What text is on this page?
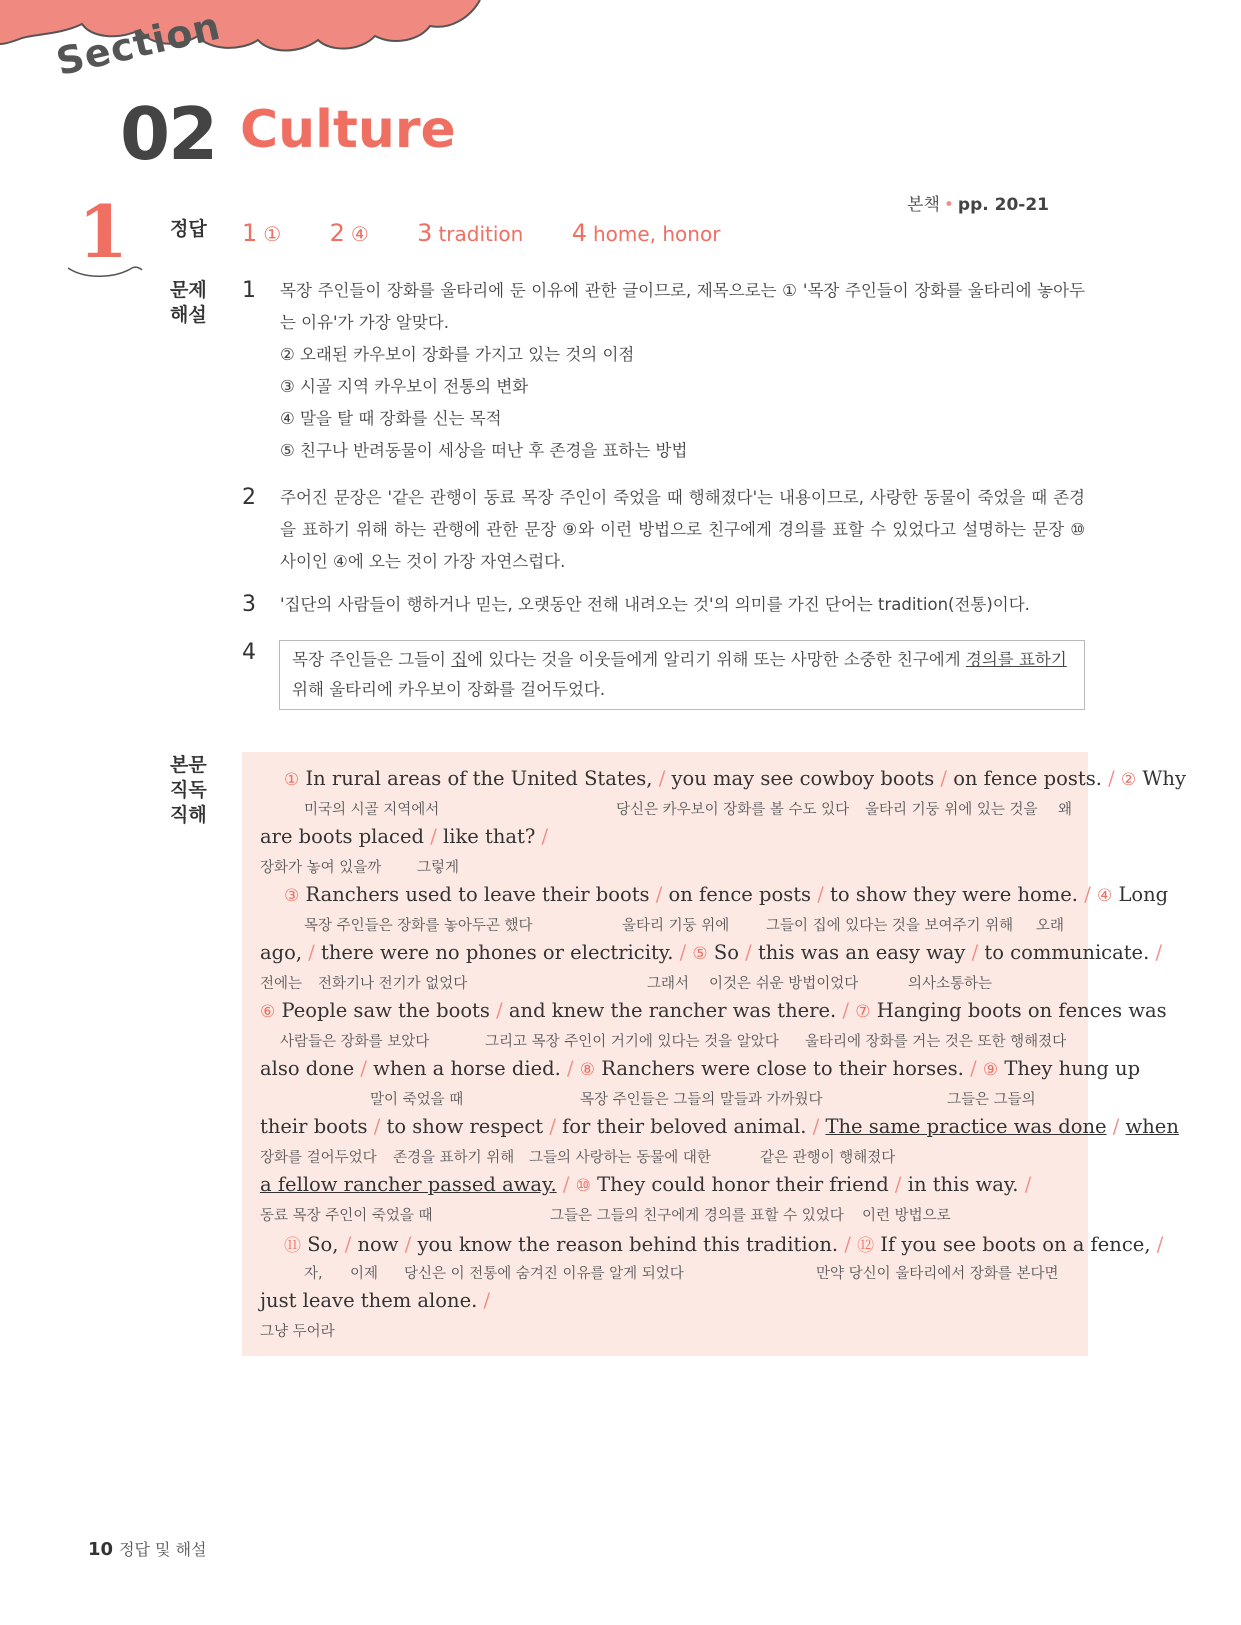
Section
02 Culture
본책 • pp. 20-21
1 정답 1 ① 2 ④ 3 tradition 4 home, honor
문제
해설
1 목장 주인들이 장화를 울타리에 둔 이유에 관한 글이므로, 제목으로는 ① '목장 주인들이 장화를 울타리에 놓아두는 이유'가 가장 알맞다.
② 오래된 카우보이 장화를 가지고 있는 것의 이점
③ 시골 지역 카우보이 전통의 변화
④ 말을 탈 때 장화를 신는 목적
⑤ 친구나 반려동물이 세상을 떠난 후 존경을 표하는 방법
2 주어진 문장은 '같은 관행이 동료 목장 주인이 죽었을 때 행해졌다'는 내용이므로, 사랑한 동물이 죽었을 때 존경을 표하기 위해 하는 관행에 관한 문장 ⑨와 이런 방법으로 친구에게 경의를 표할 수 있었다고 설명하는 문장 ⑩ 사이인 ④에 오는 것이 가장 자연스럽다.
3 '집단의 사람들이 행하거나 믿는, 오랫동안 전해 내려오는 것'의 의미를 가진 단어는 tradition(전통)이다.
4	목장 주인들은 그들이 집에 있다는 것을 이웃들에게 알리기 위해 또는 사망한 소중한 친구에게 경의를 표하기 위해 울타리에 카우보이 장화를 걸어두었다.
본문
직독
직해
① In rural areas of the United States, / you may see cowboy boots / on fence posts. / ② Why
미국의 시골 지역에서	당신은 카우보이 장화를 볼 수도 있다 울타리 기둥 위에 있는 것을 왜
are boots placed / like that? /
장화가 놓여 있을까 그렇게
③ Ranchers used to leave their boots / on fence posts / to show they were home. / ④ Long
목장 주인들은 장화를 놓아두곤 했다	울타리 기둥 위에	그들이 집에 있다는 것을 보여주기 위해 오래
ago, / there were no phones or electricity. / ⑤ So / this was an easy way / to communicate. /
전에는 전화기나 전기가 없었다	그래서 이것은 쉬운 방법이었다	의사소통하는
⑥ People saw the boots / and knew the rancher was there. / ⑦ Hanging boots on fences was
사람들은 장화를 보았다	그리고 목장 주인이 거기에 있다는 것을 알았다 울타리에 장화를 거는 것은 또한 행해졌다
also done / when a horse died. / ⑧ Ranchers were close to their horses. / ⑨ They hung up
말이 죽었을 때	목장 주인들은 그들의 말들과 가까웠다	그들은 그들의
their boots / to show respect / for their beloved animal. / The same practice was done / when
장화를 걸어두었다 존경을 표하기 위해 그들의 사랑하는 동물에 대한	같은 관행이 행해졌다
a fellow rancher passed away. / ⑩ They could honor their friend / in this way. /
동료 목장 주인이 죽었을 때	그들은 그들의 친구에게 경의를 표할 수 있었다 이런 방법으로
⑪ So, / now / you know the reason behind this tradition. / ⑫ If you see boots on a fence, /
자, 이제 당신은 이 전통에 숨겨진 이유를 알게 되었다	만약 당신이 울타리에서 장화를 본다면
just leave them alone. /
그냥 두어라
10 정답 및 해설
